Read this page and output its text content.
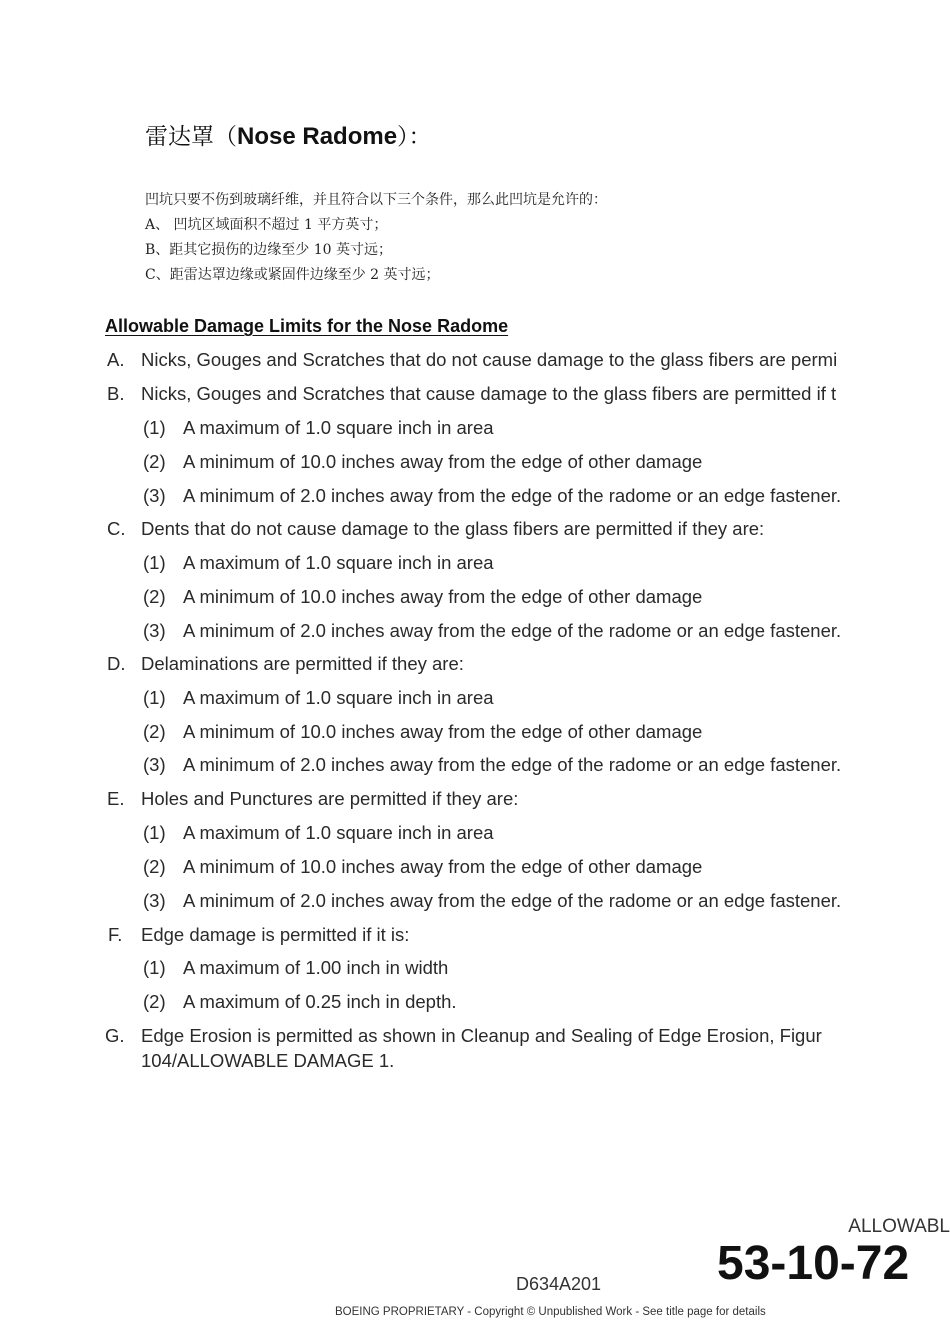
雷达罩（Nose Radome）：
凹坑只要不伤到玻璃纤维，并且符合以下三个条件，那么此凹坑是允许的：
A、 凹坑区域面积不超过 1 平方英寸；
B、距其它损伤的边缘至少 10 英寸远；
C、距雷达罩边缘或紧固件边缘至少 2 英寸远；
Allowable Damage Limits for the Nose Radome
A. Nicks, Gouges and Scratches that do not cause damage to the glass fibers are permi
B. Nicks, Gouges and Scratches that cause damage to the glass fibers are permitted if t
(1) A maximum of 1.0 square inch in area
(2) A minimum of 10.0 inches away from the edge of other damage
(3) A minimum of 2.0 inches away from the edge of the radome or an edge fastener.
C. Dents that do not cause damage to the glass fibers are permitted if they are:
(1) A maximum of 1.0 square inch in area
(2) A minimum of 10.0 inches away from the edge of other damage
(3) A minimum of 2.0 inches away from the edge of the radome or an edge fastener.
D. Delaminations are permitted if they are:
(1) A maximum of 1.0 square inch in area
(2) A minimum of 10.0 inches away from the edge of other damage
(3) A minimum of 2.0 inches away from the edge of the radome or an edge fastener.
E. Holes and Punctures are permitted if they are:
(1) A maximum of 1.0 square inch in area
(2) A minimum of 10.0 inches away from the edge of other damage
(3) A minimum of 2.0 inches away from the edge of the radome or an edge fastener.
F. Edge damage is permitted if it is:
(1) A maximum of 1.00 inch in width
(2) A maximum of 0.25 inch in depth.
G. Edge Erosion is permitted as shown in Cleanup and Sealing of Edge Erosion, Figur
104/ALLOWABLE DAMAGE 1.
ALLOWABL
53-10-72
D634A201
BOEING PROPRIETARY - Copyright © Unpublished Work - See title page for details
